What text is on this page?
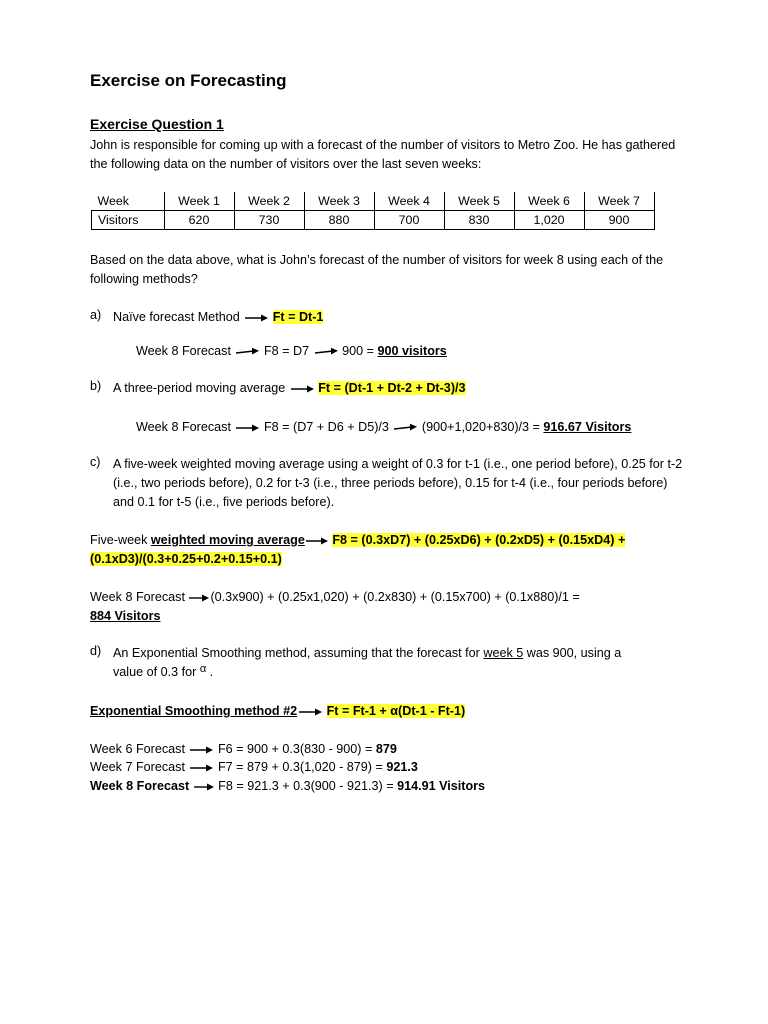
Exercise on Forecasting
Exercise Question 1
John is responsible for coming up with a forecast of the number of visitors to Metro Zoo. He has gathered the following data on the number of visitors over the last seven weeks:
Week	Week 1	Week 2	Week 3	Week 4	Week 5	Week 6	Week 7
Visitors	620	730	880	700	830	1,020	900
Based on the data above, what is John’s forecast of the number of visitors for week 8 using each of the following methods?
a) Naïve forecast Method	Ft = Dt-1
Week 8 Forecast	F8 = D7	900 = 900 visitors
b) A three-period moving average	Ft = (Dt-1 + Dt-2 + Dt-3)/3
Week 8 Forecast	F8 = (D7 + D6 + D5)/3	(900+1,020+830)/3 = 916.67 Visitors
c) A five-week weighted moving average using a weight of 0.3 for t-1 (i.e., one period before), 0.25 for t-2 (i.e., two periods before), 0.2 for t-3 (i.e., three periods before), 0.15 for t-4 (i.e., four periods before) and 0.1 for t-5 (i.e., five periods before).
Five-week weighted moving average F8 = (0.3xD7) + (0.25xD6) + (0.2xD5) + (0.15xD4) +
(0.1xD3)/(0.3+0.25+0.2+0.15+0.1)
Week 8 Forecast (0.3x900) + (0.25x1,020) + (0.2x830) + (0.15x700) + (0.1x880)/1 =
884 Visitors
d) An Exponential Smoothing method, assuming that the forecast for week 5 was 900, using a
value of 0.3 for α .
Exponential Smoothing method #2 Ft = Ft-1 + α(Dt-1 - Ft-1)
Week 6 Forecast	F6 = 900 + 0.3(830 - 900) = 879
Week 7 Forecast	F7 = 879 + 0.3(1,020 - 879) = 921.3
Week 8 Forecast F8 = 921.3 + 0.3(900 - 921.3) = 914.91 Visitors
